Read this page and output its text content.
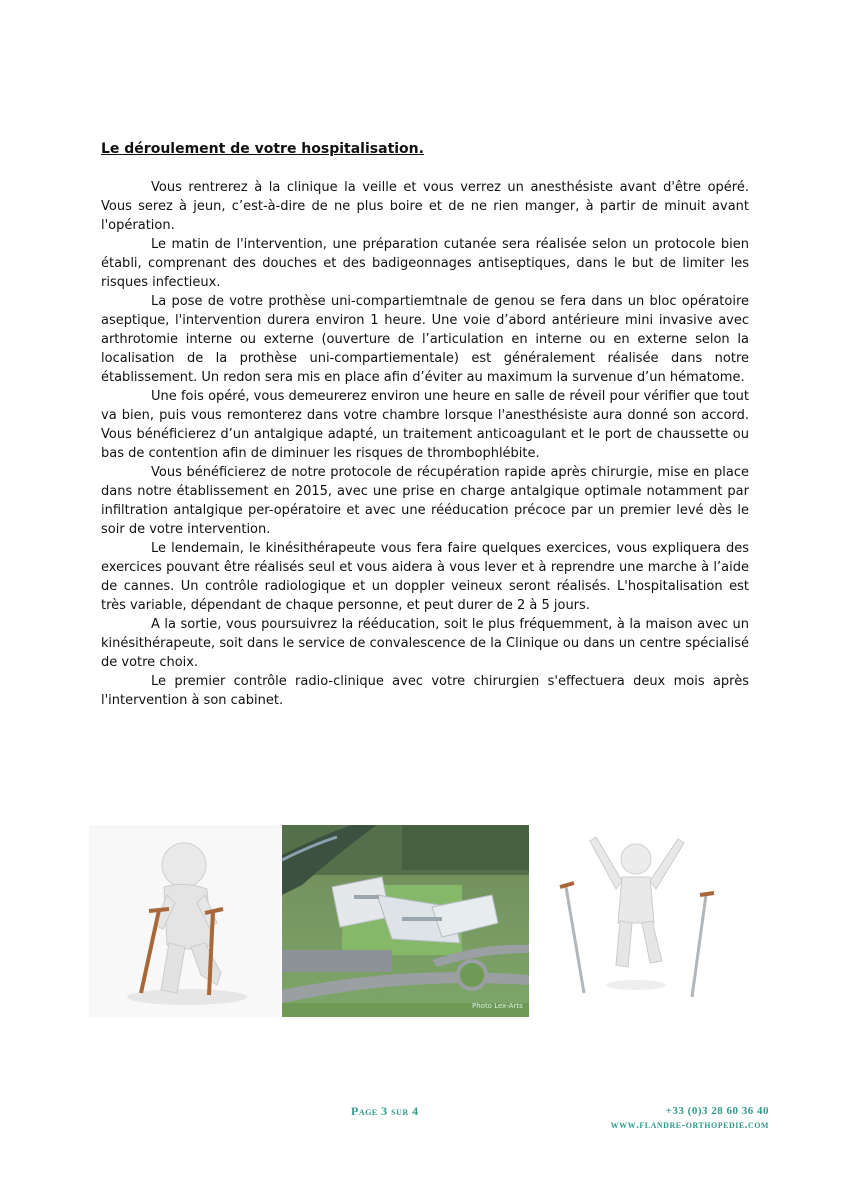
Le déroulement de votre hospitalisation.

Vous rentrerez à la clinique la veille et vous verrez un anesthésiste avant d'être opéré. Vous serez à jeun, c’est-à-dire de ne plus boire et de ne rien manger, à partir de minuit avant l'opération.

Le matin de l'intervention, une préparation cutanée sera réalisée selon un protocole bien établi, comprenant des douches et des badigeonnages antiseptiques, dans le but de limiter les risques infectieux.

La pose de votre prothèse uni-compartiemtnale de genou se fera dans un bloc opératoire aseptique, l'intervention durera environ 1 heure. Une voie d’abord antérieure mini invasive avec arthrotomie interne ou externe (ouverture de l’articulation en interne ou en externe selon la localisation de la prothèse uni-compartiementale) est généralement réalisée dans notre établissement. Un redon sera mis en place afin d’éviter au maximum la survenue d’un hématome.

Une fois opéré, vous demeurerez environ une heure en salle de réveil pour vérifier que tout va bien, puis vous remonterez dans votre chambre lorsque l'anesthésiste aura donné son accord. Vous bénéficierez d’un antalgique adapté, un traitement anticoagulant et le port de chaussette ou bas de contention afin de diminuer les risques de thrombophlébite.

Vous bénéficierez de notre protocole de récupération rapide après chirurgie, mise en place dans notre établissement en 2015, avec une prise en charge antalgique optimale notamment par infiltration antalgique per-opératoire et avec une rééducation précoce par un premier levé dès le soir de votre intervention.

Le lendemain, le kinésithérapeute vous fera faire quelques exercices, vous expliquera des exercices pouvant être réalisés seul et vous aidera à vous lever et à reprendre une marche à l’aide de cannes. Un contrôle radiologique et un doppler veineux seront réalisés. L'hospitalisation est très variable, dépendant de chaque personne, et peut durer de 2 à 5 jours.

A la sortie, vous poursuivrez la rééducation, soit le plus fréquemment, à la maison avec un kinésithérapeute, soit dans le service de convalescence de la Clinique ou dans un centre spécialisé de votre choix.

Le premier contrôle radio-clinique avec votre chirurgien s'effectuera deux mois après l'intervention à son cabinet.

Photo Lex-Arts
Page 3 sur 4	+33 (0)3 28 60 36 40
www.flandre-orthopedie.com
